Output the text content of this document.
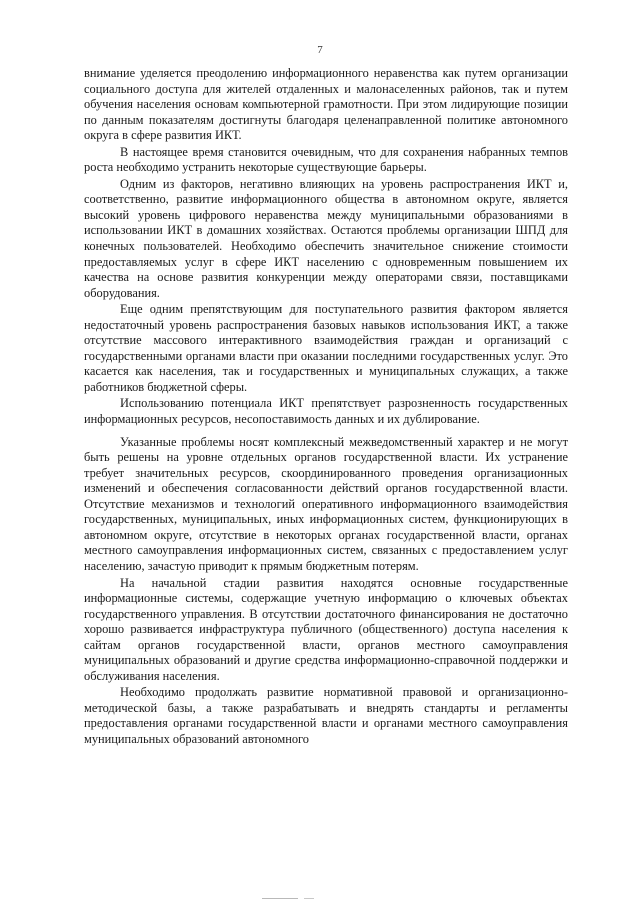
7

внимание уделяется преодолению информационного неравенства как путем организации социального доступа для жителей отдаленных и малонаселенных районов, так и путем обучения населения основам компьютерной грамотности. При этом лидирующие позиции по данным показателям достигнуты благодаря целенаправленной политике автономного округа в сфере развития ИКТ.

В настоящее время становится очевидным, что для сохранения набранных темпов роста необходимо устранить некоторые существующие барьеры.

Одним из факторов, негативно влияющих на уровень распространения ИКТ и, соответственно, развитие информационного общества в автономном округе, является высокий уровень цифрового неравенства между муниципальными образованиями в использовании ИКТ в домашних хозяйствах. Остаются проблемы организации ШПД для конечных пользователей. Необходимо обеспечить значительное снижение стоимости предоставляемых услуг в сфере ИКТ населению с одновременным повышением их качества на основе развития конкуренции между операторами связи, поставщиками оборудования.

Еще одним препятствующим для поступательного развития фактором является недостаточный уровень распространения базовых навыков использования ИКТ, а также отсутствие массового интерактивного взаимодействия граждан и организаций с государственными органами власти при оказании последними государственных услуг. Это касается как населения, так и государственных и муниципальных служащих, а также работников бюджетной сферы.

Использованию потенциала ИКТ препятствует разрозненность государственных информационных ресурсов, несопоставимость данных и их дублирование.

Указанные проблемы носят комплексный межведомственный характер и не могут быть решены на уровне отдельных органов государственной власти. Их устранение требует значительных ресурсов, скоординированного проведения организационных изменений и обеспечения согласованности действий органов государственной власти. Отсутствие механизмов и технологий оперативного информационного взаимодействия государственных, муниципальных, иных информационных систем, функционирующих в автономном округе, отсутствие в некоторых органах государственной власти, органах местного самоуправления информационных систем, связанных с предоставлением услуг населению, зачастую приводит к прямым бюджетным потерям.

На начальной стадии развития находятся основные государственные информационные системы, содержащие учетную информацию о ключевых объектах государственного управления. В отсутствии достаточного финансирования не достаточно хорошо развивается инфраструктура публичного (общественного) доступа населения к сайтам органов государственной власти, органов местного самоуправления муниципальных образований и другие средства информационно-справочной поддержки и обслуживания населения.

Необходимо продолжать развитие нормативной правовой и организационно-методической базы, а также разрабатывать и внедрять стандарты и регламенты предоставления органами государственной власти и органами местного самоуправления муниципальных образований автономного
